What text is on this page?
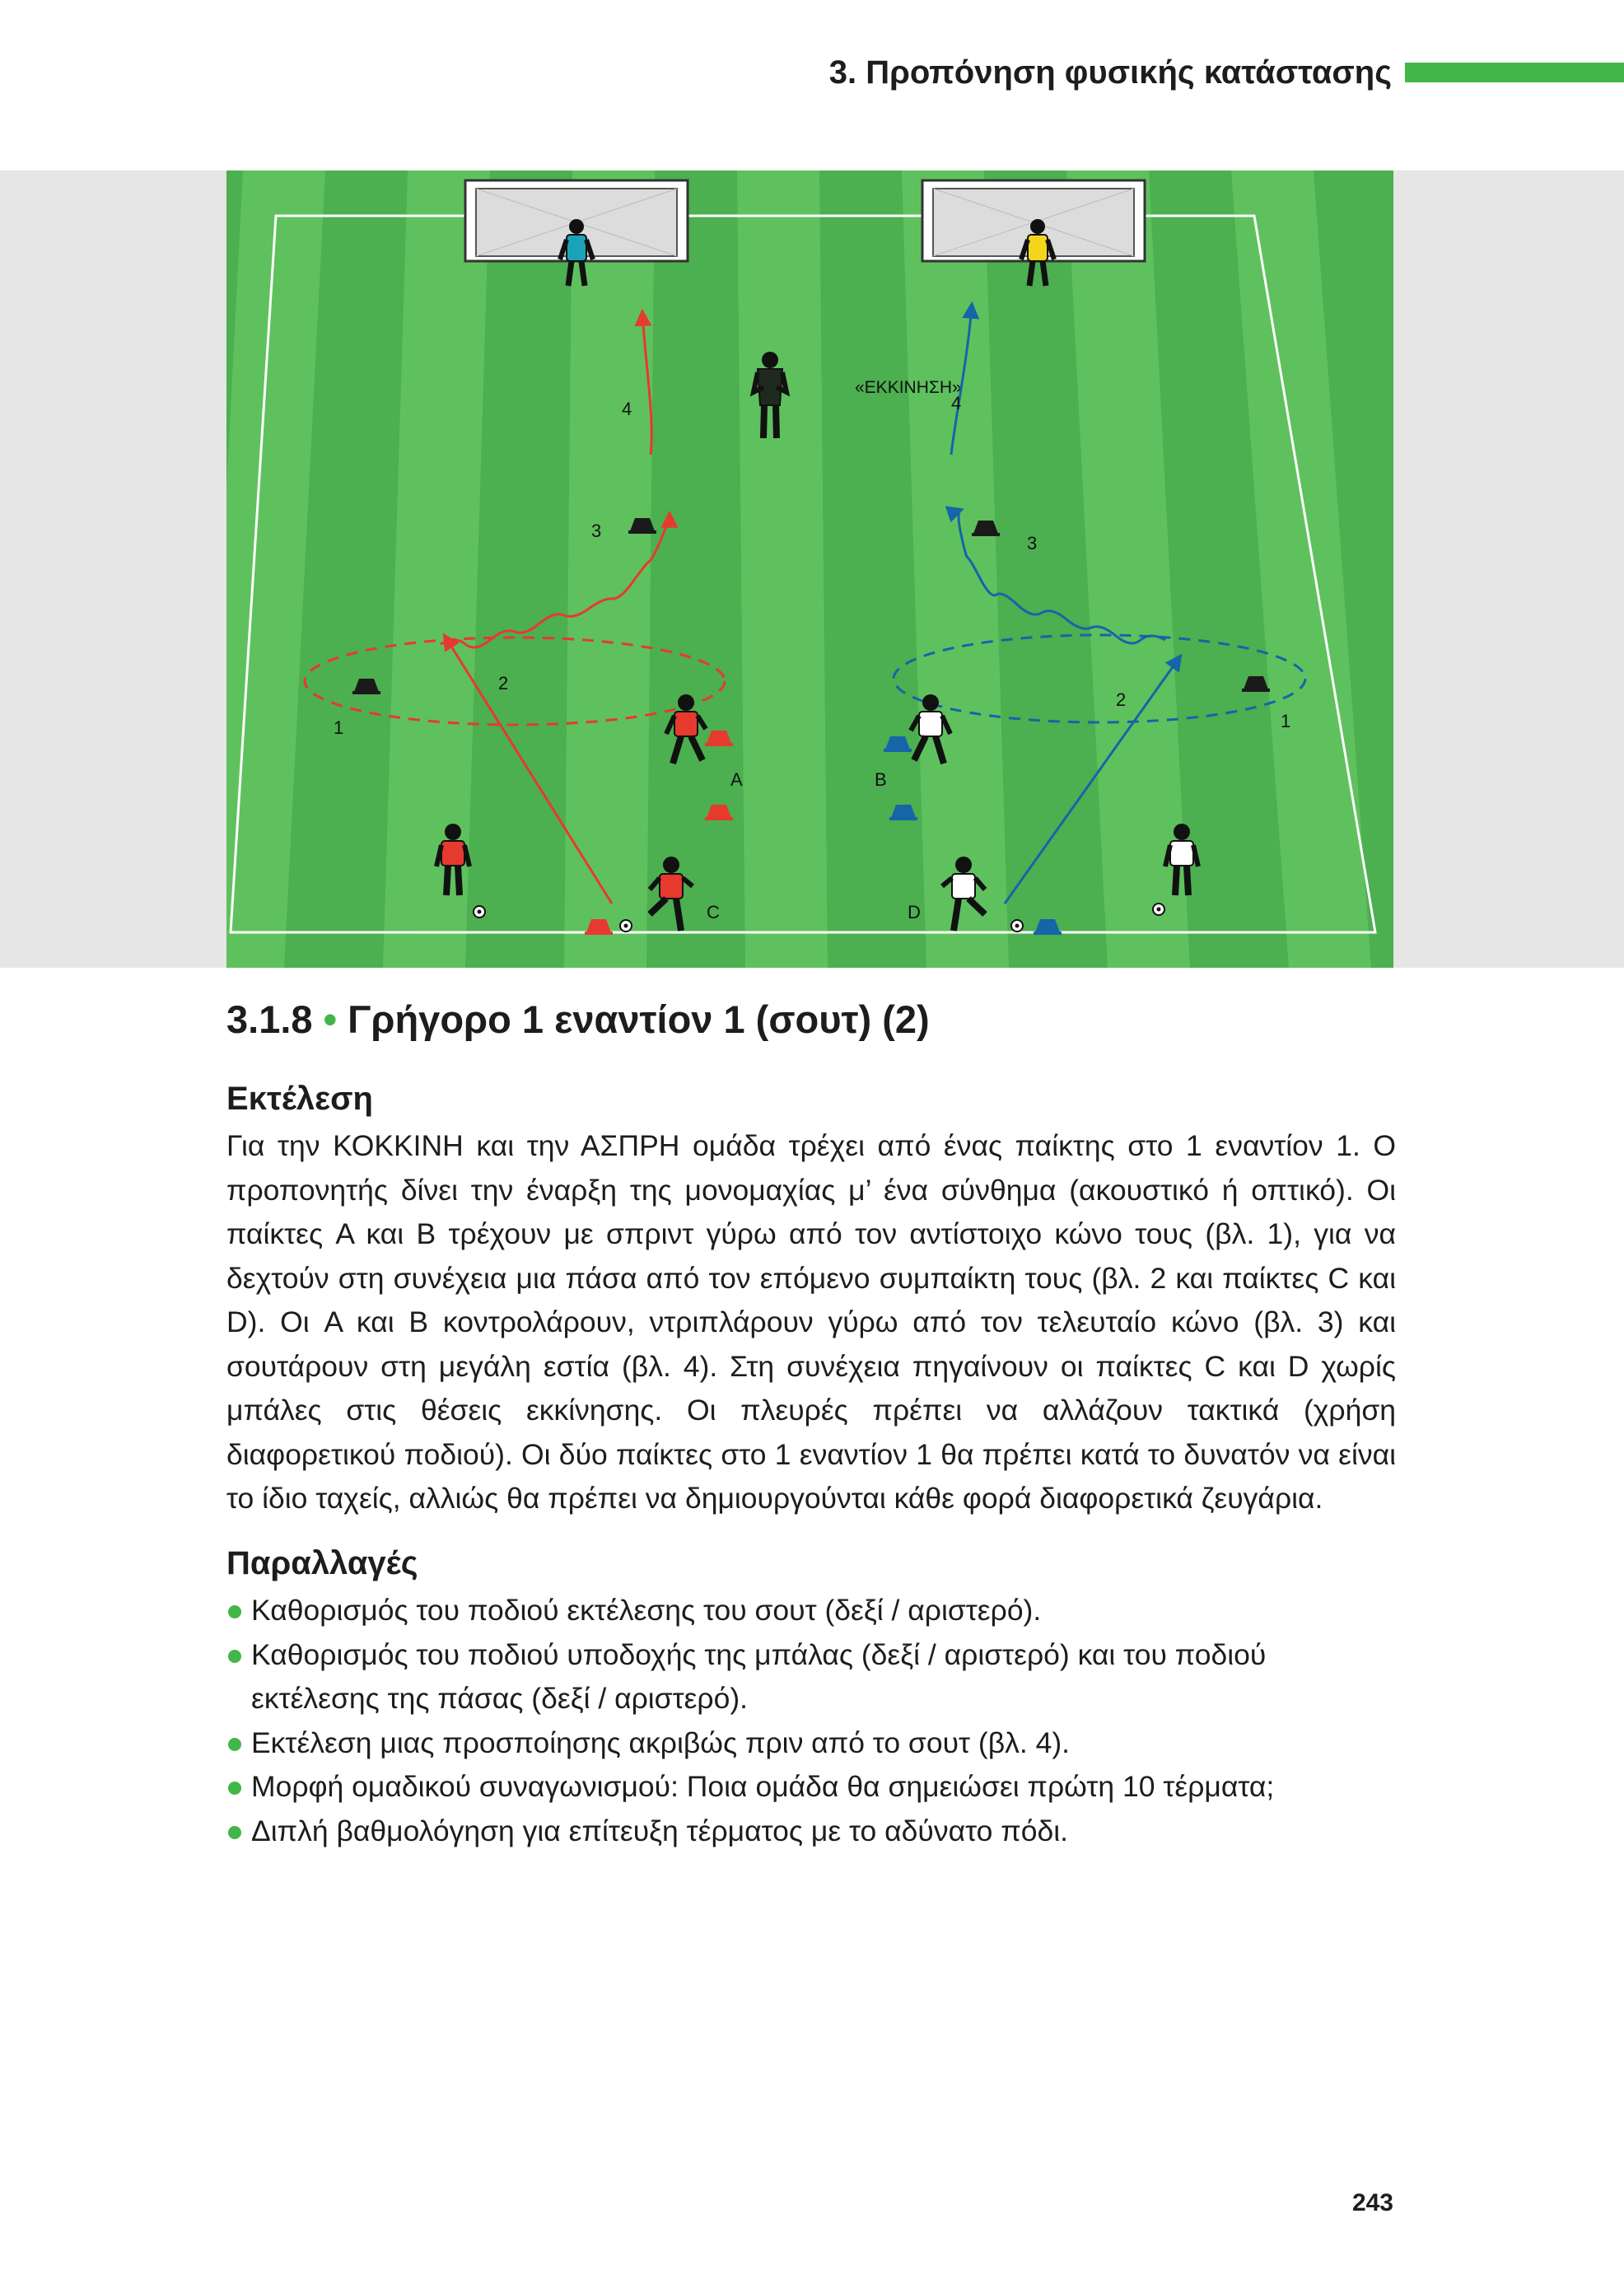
3. Προπόνηση φυσικής κατάστασης
«ΕΚΚΙΝΗΣΗ»
A	B
C	D
1	1
2
2
3
3
4	4
3.1.8 • Γρήγορο 1 εναντίον 1 (σουτ) (2)
Εκτέλεση
Για την ΚΟΚΚΙΝΗ και την ΑΣΠΡΗ ομάδα τρέχει από ένας παίκτης στο 1 εναντίον 1. Ο προπονητής δίνει την έναρξη της μονομαχίας μ’ ένα σύνθημα (ακουστικό ή οπτικό). Οι παίκτες A και B τρέχουν με σπριντ γύρω από τον αντίστοιχο κώνο τους (βλ. 1), για να δεχτούν στη συνέχεια μια πάσα από τον επόμενο συμπαίκτη τους (βλ. 2 και παίκτες C και D). Οι A και B κοντρολάρουν, ντριπλάρουν γύρω από τον τελευταίο κώνο (βλ. 3) και σουτάρουν στη μεγάλη εστία (βλ. 4). Στη συνέχεια πηγαίνουν οι παίκτες C και D χωρίς μπάλες στις θέσεις εκκίνησης. Οι πλευρές πρέπει να αλλάζουν τακτικά (χρήση διαφορετικού ποδιού). Οι δύο παίκτες στο 1 εναντίον 1 θα πρέπει κατά το δυνατόν να είναι το ίδιο ταχείς, αλλιώς θα πρέπει να δημιουργούνται κάθε φορά διαφορετικά ζευγάρια.
Παραλλαγές
Καθορισμός του ποδιού εκτέλεσης του σουτ (δεξί / αριστερό).
Καθορισμός του ποδιού υποδοχής της μπάλας (δεξί / αριστερό) και του ποδιού εκτέλεσης της πάσας (δεξί / αριστερό).
Εκτέλεση μιας προσποίησης ακριβώς πριν από το σουτ (βλ. 4).
Μορφή ομαδικού συναγωνισμού: Ποια ομάδα θα σημειώσει πρώτη 10 τέρματα;
Διπλή βαθμολόγηση για επίτευξη τέρματος με το αδύνατο πόδι.
243
